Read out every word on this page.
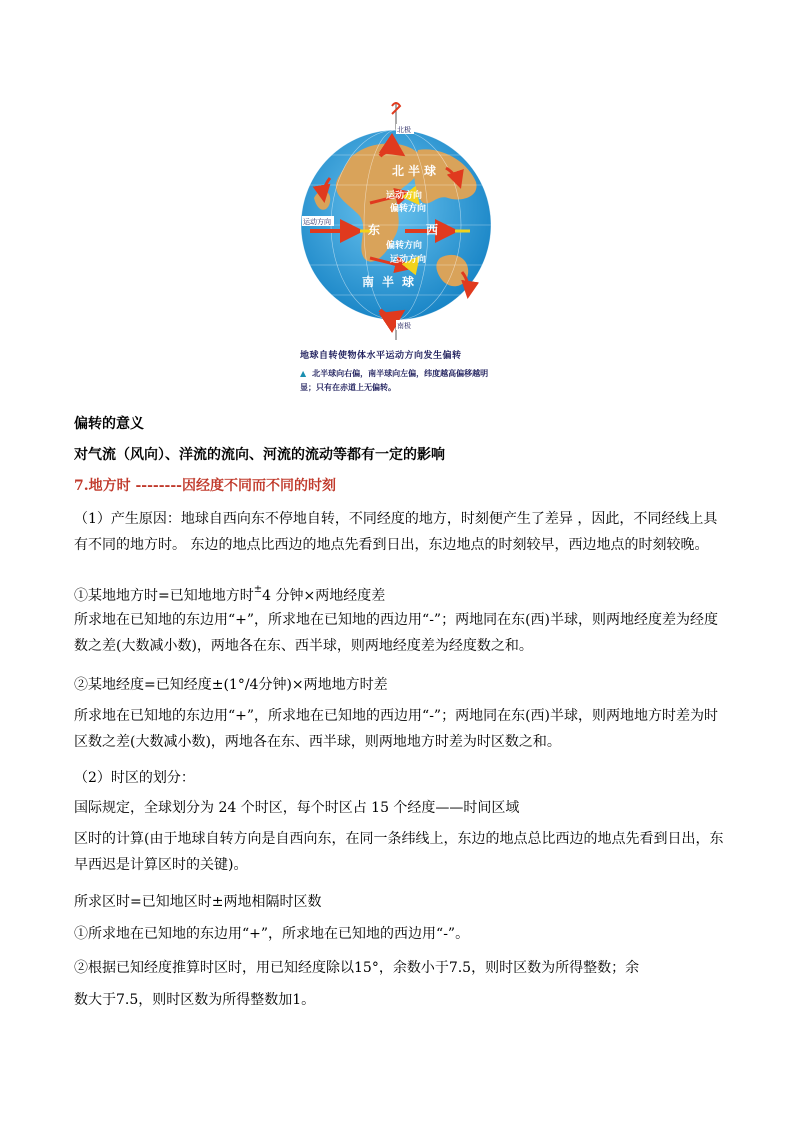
北极
南极
北 半 球
南 半 球
东	西
运动方向
运动方向
偏转方向
偏转方向
运动方向
地球自转使物体水平运动方向发生偏转
▲ 北半球向右偏，南半球向左偏，纬度越高偏移越明显；只有在赤道上无偏转。
偏转的意义
对气流（风向）、洋流的流向、河流的流动等都有一定的影响
7.地方时 --------因经度不同而不同的时刻
（1）产生原因：地球自西向东不停地自转，不同经度的地方，时刻便产生了差异 ，因此，不同经线上具有不同的地方时。 东边的地点比西边的地点先看到日出，东边地点的时刻较早，西边地点的时刻较晚。
①某地地方时=已知地地方时±4 分钟×两地经度差
所求地在已知地的东边用“+”，所求地在已知地的西边用“-”；两地同在东(西)半球，则两地经度差为经度数之差(大数减小数)，两地各在东、西半球，则两地经度差为经度数之和。
②某地经度=已知经度±(1°/4分钟)×两地地方时差
所求地在已知地的东边用“+”，所求地在已知地的西边用“-”；两地同在东(西)半球，则两地地方时差为时区数之差(大数减小数)，两地各在东、西半球，则两地地方时差为时区数之和。
（2）时区的划分：
国际规定，全球划分为 24 个时区，每个时区占 15 个经度——时间区域
区时的计算(由于地球自转方向是自西向东，在同一条纬线上，东边的地点总比西边的地点先看到日出，东早西迟是计算区时的关键)。
所求区时=已知地区时±两地相隔时区数
①所求地在已知地的东边用“+”，所求地在已知地的西边用“-”。
②根据已知经度推算时区时，用已知经度除以15°，余数小于7.5，则时区数为所得整数；余
数大于7.5，则时区数为所得整数加1。
